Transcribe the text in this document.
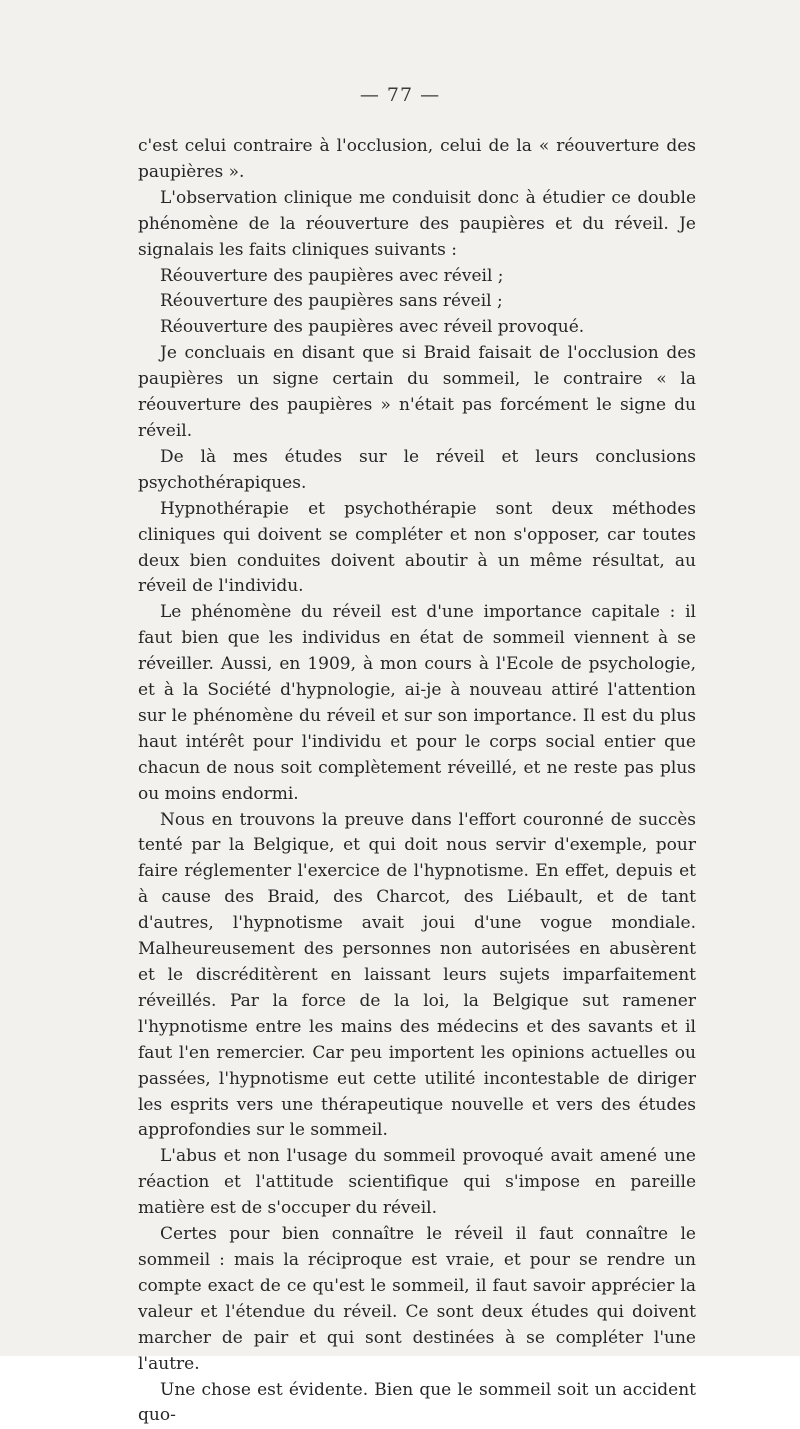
— 77 —

c'est celui contraire à l'occlusion, celui de la « réouverture des paupières ».

L'observation clinique me conduisit donc à étudier ce double phénomène de la réouverture des paupières et du réveil. Je signalais les faits cliniques suivants :

Réouverture des paupières avec réveil ;

Réouverture des paupières sans réveil ;

Réouverture des paupières avec réveil provoqué.

Je concluais en disant que si Braid faisait de l'occlusion des paupières un signe certain du sommeil, le contraire « la réouverture des paupières » n'était pas forcément le signe du réveil.

De là mes études sur le réveil et leurs conclusions psychothérapiques.

Hypnothérapie et psychothérapie sont deux méthodes cliniques qui doivent se compléter et non s'opposer, car toutes deux bien conduites doivent aboutir à un même résultat, au réveil de l'individu.

Le phénomène du réveil est d'une importance capitale : il faut bien que les individus en état de sommeil viennent à se réveiller. Aussi, en 1909, à mon cours à l'Ecole de psychologie, et à la Société d'hypnologie, ai-je à nouveau attiré l'attention sur le phénomène du réveil et sur son importance. Il est du plus haut intérêt pour l'individu et pour le corps social entier que chacun de nous soit complètement réveillé, et ne reste pas plus ou moins endormi.

Nous en trouvons la preuve dans l'effort couronné de succès tenté par la Belgique, et qui doit nous servir d'exemple, pour faire réglementer l'exercice de l'hypnotisme. En effet, depuis et à cause des Braid, des Charcot, des Liébault, et de tant d'autres, l'hypnotisme avait joui d'une vogue mondiale. Malheureusement des personnes non autorisées en abusèrent et le discréditèrent en laissant leurs sujets imparfaitement réveillés. Par la force de la loi, la Belgique sut ramener l'hypnotisme entre les mains des médecins et des savants et il faut l'en remercier. Car peu importent les opinions actuelles ou passées, l'hypnotisme eut cette utilité incontestable de diriger les esprits vers une thérapeutique nouvelle et vers des études approfondies sur le sommeil.

L'abus et non l'usage du sommeil provoqué avait amené une réaction et l'attitude scientifique qui s'impose en pareille matière est de s'occuper du réveil.

Certes pour bien connaître le réveil il faut connaître le sommeil : mais la réciproque est vraie, et pour se rendre un compte exact de ce qu'est le sommeil, il faut savoir apprécier la valeur et l'étendue du réveil. Ce sont deux études qui doivent marcher de pair et qui sont destinées à se compléter l'une l'autre.

Une chose est évidente. Bien que le sommeil soit un accident quo-
